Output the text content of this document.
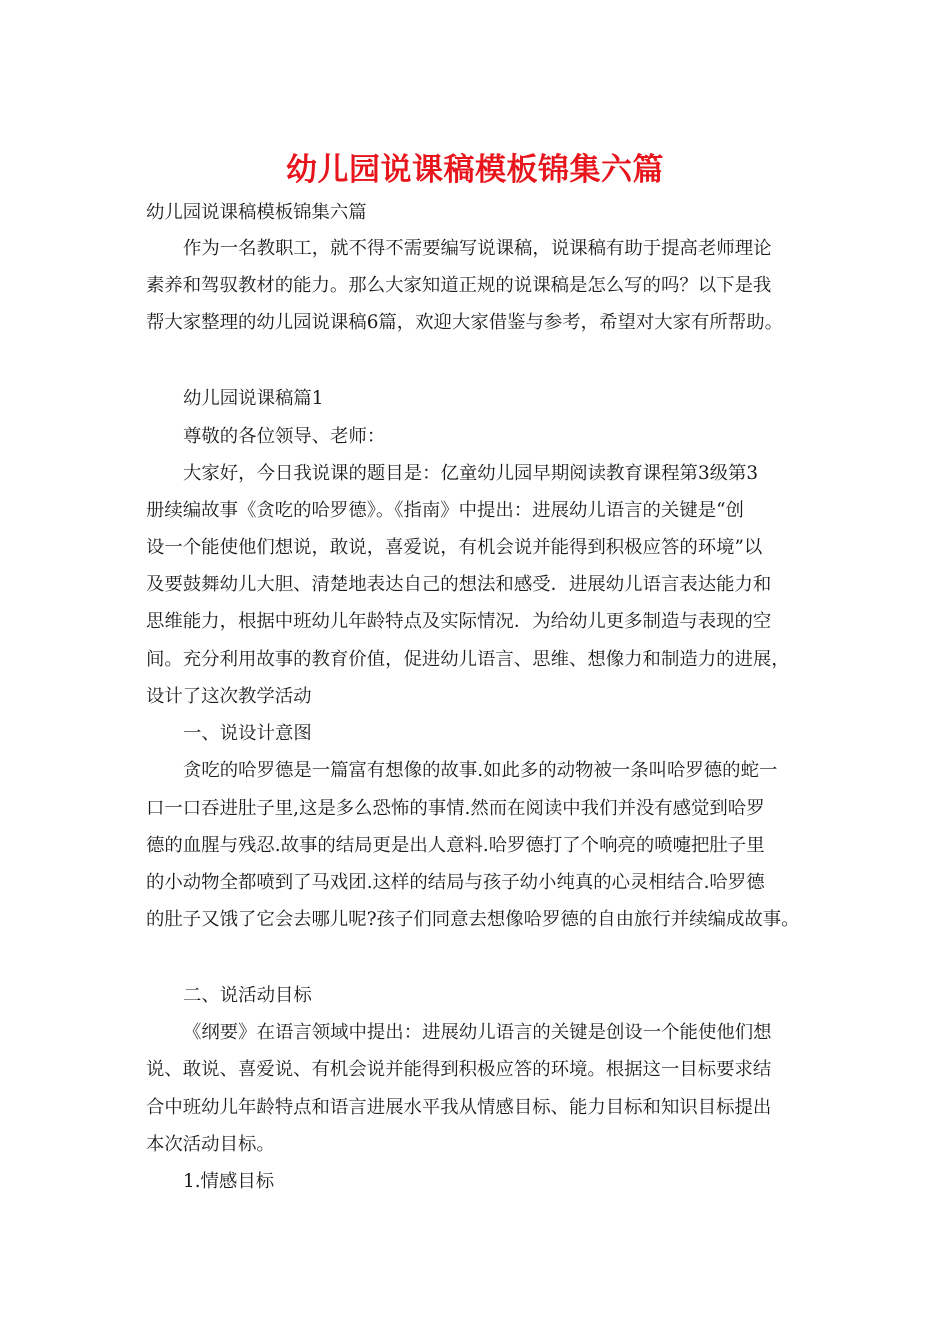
幼儿园说课稿模板锦集六篇
幼儿园说课稿模板锦集六篇
作为一名教职工，就不得不需要编写说课稿，说课稿有助于提高老师理论
素养和驾驭教材的能力。那么大家知道正规的说课稿是怎么写的吗？以下是我
帮大家整理的幼儿园说课稿6篇，欢迎大家借鉴与参考，希望对大家有所帮助。
幼儿园说课稿篇1
尊敬的各位领导、老师：
大家好，今日我说课的题目是：亿童幼儿园早期阅读教育课程第3级第3
册续编故事《贪吃的哈罗德》。《指南》中提出：进展幼儿语言的关键是“创
设一个能使他们想说，敢说，喜爱说，有机会说并能得到积极应答的环境”以
及要鼓舞幼儿大胆、清楚地表达自己的想法和感受．进展幼儿语言表达能力和
思维能力，根据中班幼儿年龄特点及实际情况．为给幼儿更多制造与表现的空
间。充分利用故事的教育价值，促进幼儿语言、思维、想像力和制造力的进展，
设计了这次教学活动
一、说设计意图
贪吃的哈罗德是一篇富有想像的故事.如此多的动物被一条叫哈罗德的蛇一
口一口吞进肚子里,这是多么恐怖的事情.然而在阅读中我们并没有感觉到哈罗
德的血腥与残忍.故事的结局更是出人意料.哈罗德打了个响亮的喷嚏把肚子里
的小动物全都喷到了马戏团.这样的结局与孩子幼小纯真的心灵相结合.哈罗德
的肚子又饿了它会去哪儿呢?孩子们同意去想像哈罗德的自由旅行并续编成故事。
二、说活动目标
《纲要》在语言领域中提出：进展幼儿语言的关键是创设一个能使他们想
说、敢说、喜爱说、有机会说并能得到积极应答的环境。根据这一目标要求结
合中班幼儿年龄特点和语言进展水平我从情感目标、能力目标和知识目标提出
本次活动目标。
1.情感目标
